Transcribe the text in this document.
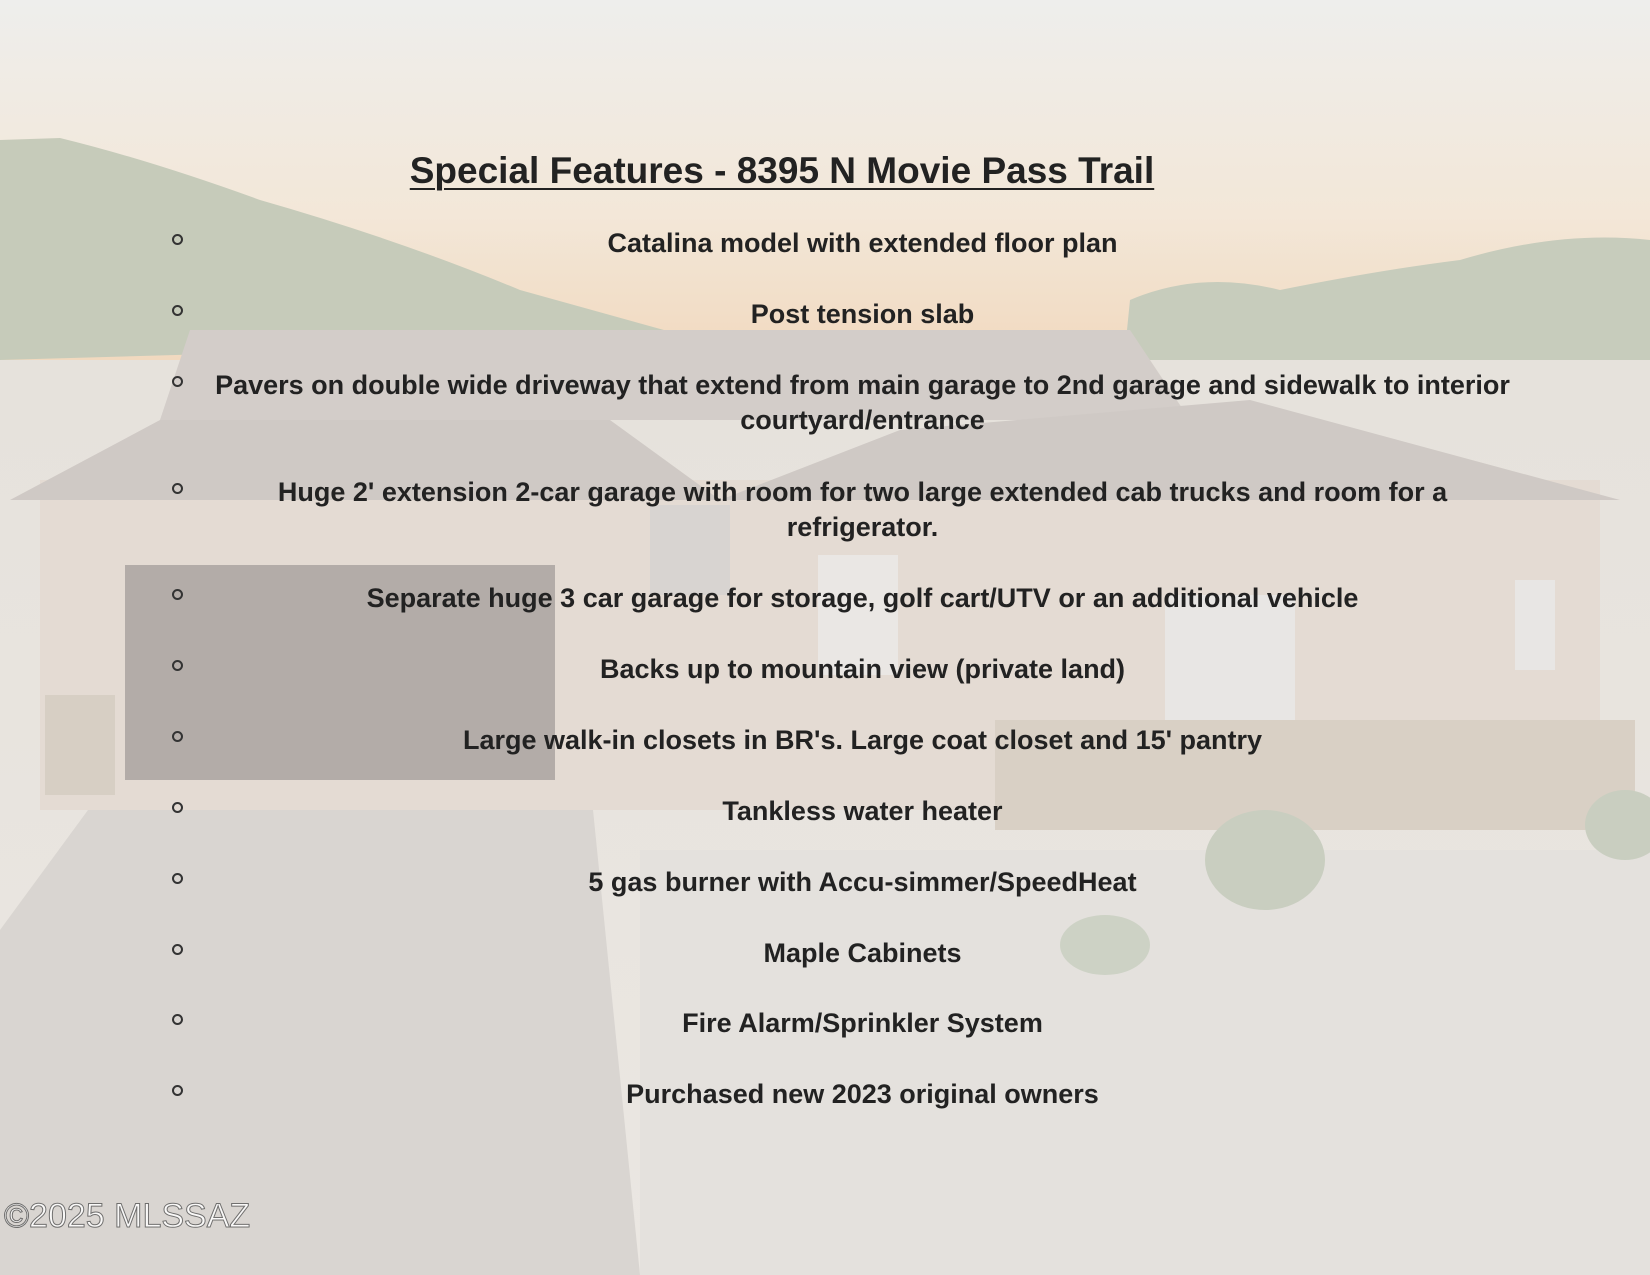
Special Features - 8395 N Movie Pass Trail
Catalina model with extended floor plan
Post tension slab
Pavers on double wide driveway that extend from main garage to 2nd garage and sidewalk to interior courtyard/entrance
Huge 2' extension 2-car garage with room for two large extended cab trucks and room for a refrigerator.
Separate huge 3 car garage for storage, golf cart/UTV or an additional vehicle
Backs up to mountain view (private land)
Large walk-in closets in BR's. Large coat closet and 15' pantry
Tankless water heater
5 gas burner with Accu-simmer/SpeedHeat
Maple Cabinets
Fire Alarm/Sprinkler System
Purchased new 2023 original owners
©2025 MLSSAZ
